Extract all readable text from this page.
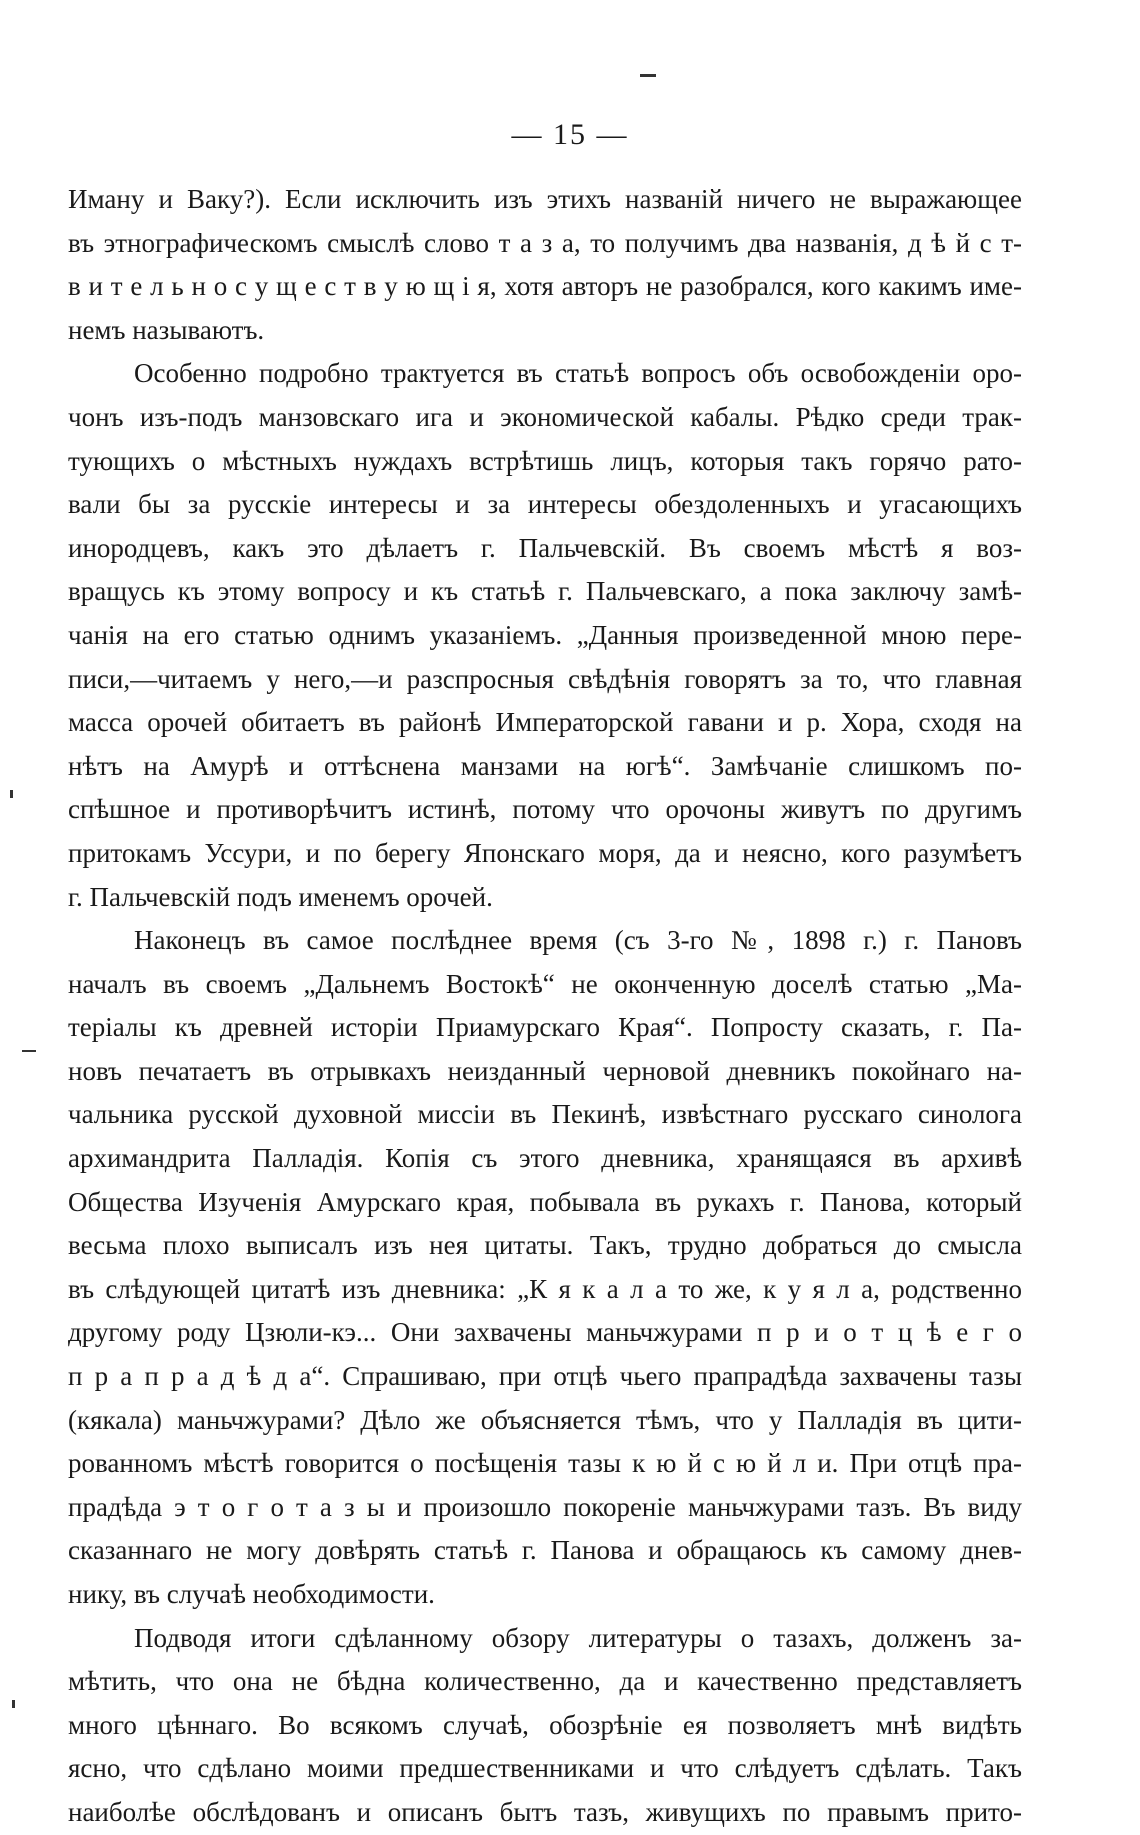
— 15 —
Иману и Ваку?). Если исключить изъ этихъ названій ничего не выражающее
въ этнографическомъ смыслѣ слово т а з а, то получимъ два названія, д ѣ й с т-
в и т е л ь н о с у щ е с т в у ю щ і я, хотя авторъ не разобрался, кого какимъ име-
немъ называютъ.
Особенно подробно трактуется въ статьѣ вопросъ объ освобожденіи оро-
чонъ изъ-подъ манзовскаго ига и экономической кабалы. Рѣдко среди трак-
тующихъ о мѣстныхъ нуждахъ встрѣтишь лицъ, которыя такъ горячо рато-
вали бы за русскіе интересы и за интересы обездоленныхъ и угасающихъ
инородцевъ, какъ это дѣлаетъ г. Пальчевскій. Въ своемъ мѣстѣ я воз-
вращусь къ этому вопросу и къ статьѣ г. Пальчевскаго, а пока заключу замѣ-
чанія на его статью однимъ указаніемъ. „Данныя произведенной мною пере-
писи,—читаемъ у него,—и разспросныя свѣдѣнія говорятъ за то, что главная
масса орочей обитаетъ въ районѣ Императорской гавани и р. Хора, сходя на
нѣтъ на Амурѣ и оттѣснена манзами на югѣ“. Замѣчаніе слишкомъ по-
спѣшное и противорѣчитъ истинѣ, потому что орочоны живутъ по другимъ
притокамъ Уссури, и по берегу Японскаго моря, да и неясно, кого разумѣетъ
г. Пальчевскій подъ именемъ орочей.
Наконецъ въ самое послѣднее время (съ 3-го №, 1898 г.) г. Пановъ
началъ въ своемъ „Дальнемъ Востокѣ“ не оконченную доселѣ статью „Ма-
теріалы къ древней исторіи Приамурскаго Края“. Попросту сказать, г. Па-
новъ печатаетъ въ отрывкахъ неизданный черновой дневникъ покойнаго на-
чальника русской духовной миссіи въ Пекинѣ, извѣстнаго русскаго синолога
архимандрита Палладія. Копія съ этого дневника, хранящаяся въ архивѣ
Общества Изученія Амурскаго края, побывала въ рукахъ г. Панова, который
весьма плохо выписалъ изъ нея цитаты. Такъ, трудно добраться до смысла
въ слѣдующей цитатѣ изъ дневника: „К я к а л а то же, к у я л а, родственно
другому роду Цзюли-кэ... Они захвачены маньчжурами п р и о т ц ѣ е г о
п р а п р а д ѣ д а“. Спрашиваю, при отцѣ чьего прапрадѣда захвачены тазы
(кякала) маньчжурами? Дѣло же объясняется тѣмъ, что у Палладія въ цити-
рованномъ мѣстѣ говорится о посѣщенія тазы к ю й с ю й л и. При отцѣ пра-
прадѣда э т о г о т а з ы и произошло покореніе маньчжурами тазъ. Въ виду
сказаннаго не могу довѣрять статьѣ г. Панова и обращаюсь къ самому днев-
нику, въ случаѣ необходимости.
Подводя итоги сдѣланному обзору литературы о тазахъ, долженъ за-
мѣтить, что она не бѣдна количественно, да и качественно представляетъ
много цѣннаго. Во всякомъ случаѣ, обозрѣніе ея позволяетъ мнѣ видѣть
ясно, что сдѣлано моими предшественниками и что слѣдуетъ сдѣлать. Такъ
наиболѣе обслѣдованъ и описанъ бытъ тазъ, живущихъ по правымъ прито-
